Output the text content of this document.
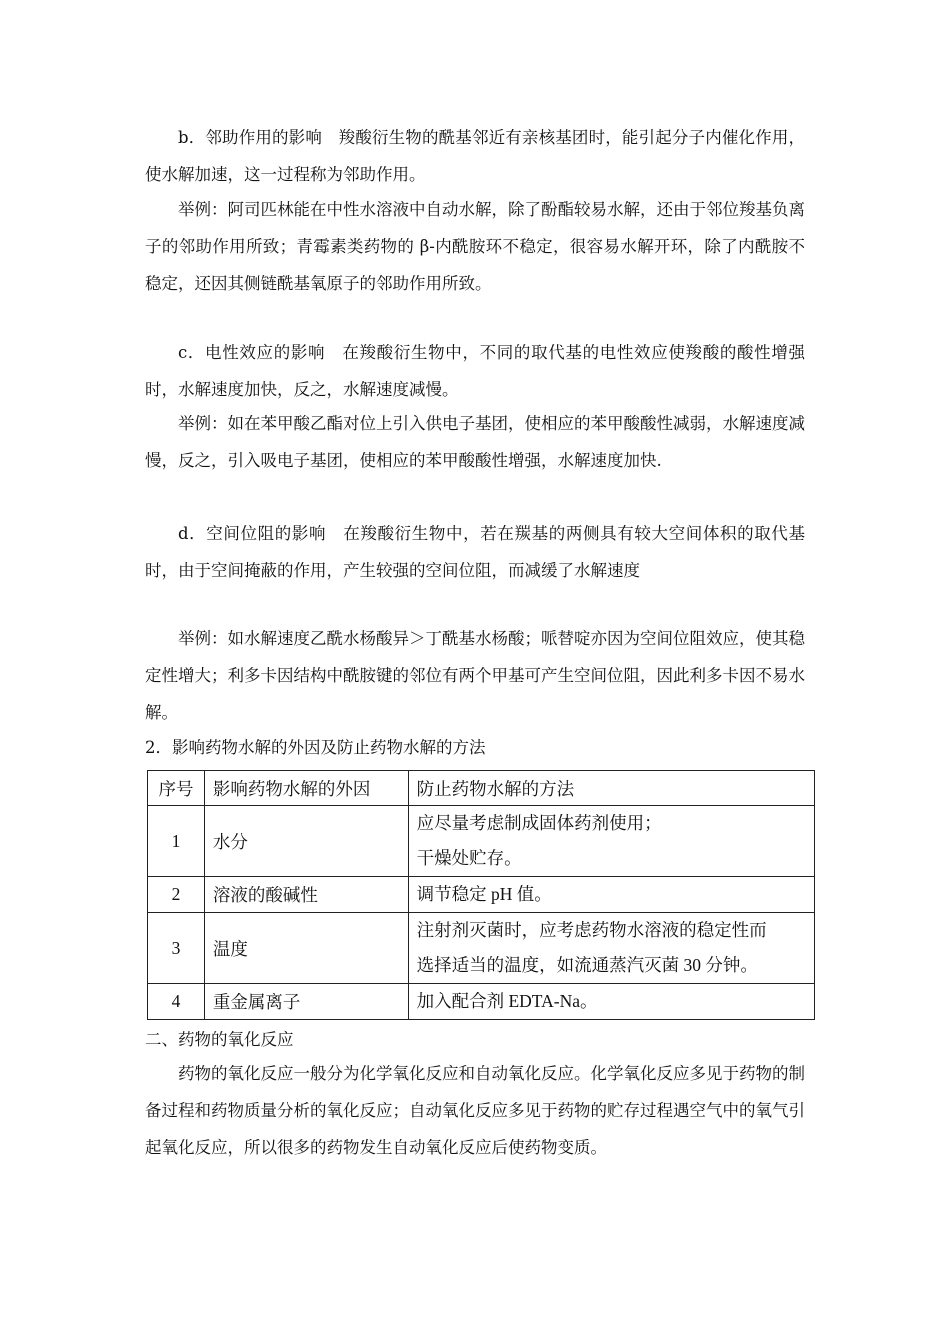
b．邻助作用的影响　羧酸衍生物的酰基邻近有亲核基团时，能引起分子内催化作用，使水解加速，这一过程称为邻助作用。

举例：阿司匹林能在中性水溶液中自动水解，除了酚酯较易水解，还由于邻位羧基负离子的邻助作用所致；青霉素类药物的 β-内酰胺环不稳定，很容易水解开环，除了内酰胺不稳定，还因其侧链酰基氧原子的邻助作用所致。

c．电性效应的影响　在羧酸衍生物中，不同的取代基的电性效应使羧酸的酸性增强时，水解速度加快，反之，水解速度减慢。

举例：如在苯甲酸乙酯对位上引入供电子基团，使相应的苯甲酸酸性减弱，水解速度减慢，反之，引入吸电子基团，使相应的苯甲酸酸性增强，水解速度加快.

d．空间位阻的影响　在羧酸衍生物中，若在羰基的两侧具有较大空间体积的取代基时，由于空间掩蔽的作用，产生较强的空间位阻，而减缓了水解速度

举例：如水解速度乙酰水杨酸异＞丁酰基水杨酸；哌替啶亦因为空间位阻效应，使其稳定性增大；利多卡因结构中酰胺键的邻位有两个甲基可产生空间位阻，因此利多卡因不易水解。

2．影响药物水解的外因及防止药物水解的方法

序号	影响药物水解的外因	防止药物水解的方法
1	水分	应尽量考虑制成固体药剂使用；
干燥处贮存。

2	溶液的酸碱性	调节稳定 pH 值。

3	温度	注射剂灭菌时，应考虑药物水溶液的稳定性而
选择适当的温度，如流通蒸汽灭菌 30 分钟。

4	重金属离子	加入配合剂 EDTA-Na。

二、药物的氧化反应

药物的氧化反应一般分为化学氧化反应和自动氧化反应。化学氧化反应多见于药物的制备过程和药物质量分析的氧化反应；自动氧化反应多见于药物的贮存过程遇空气中的氧气引起氧化反应，所以很多的药物发生自动氧化反应后使药物变质。
